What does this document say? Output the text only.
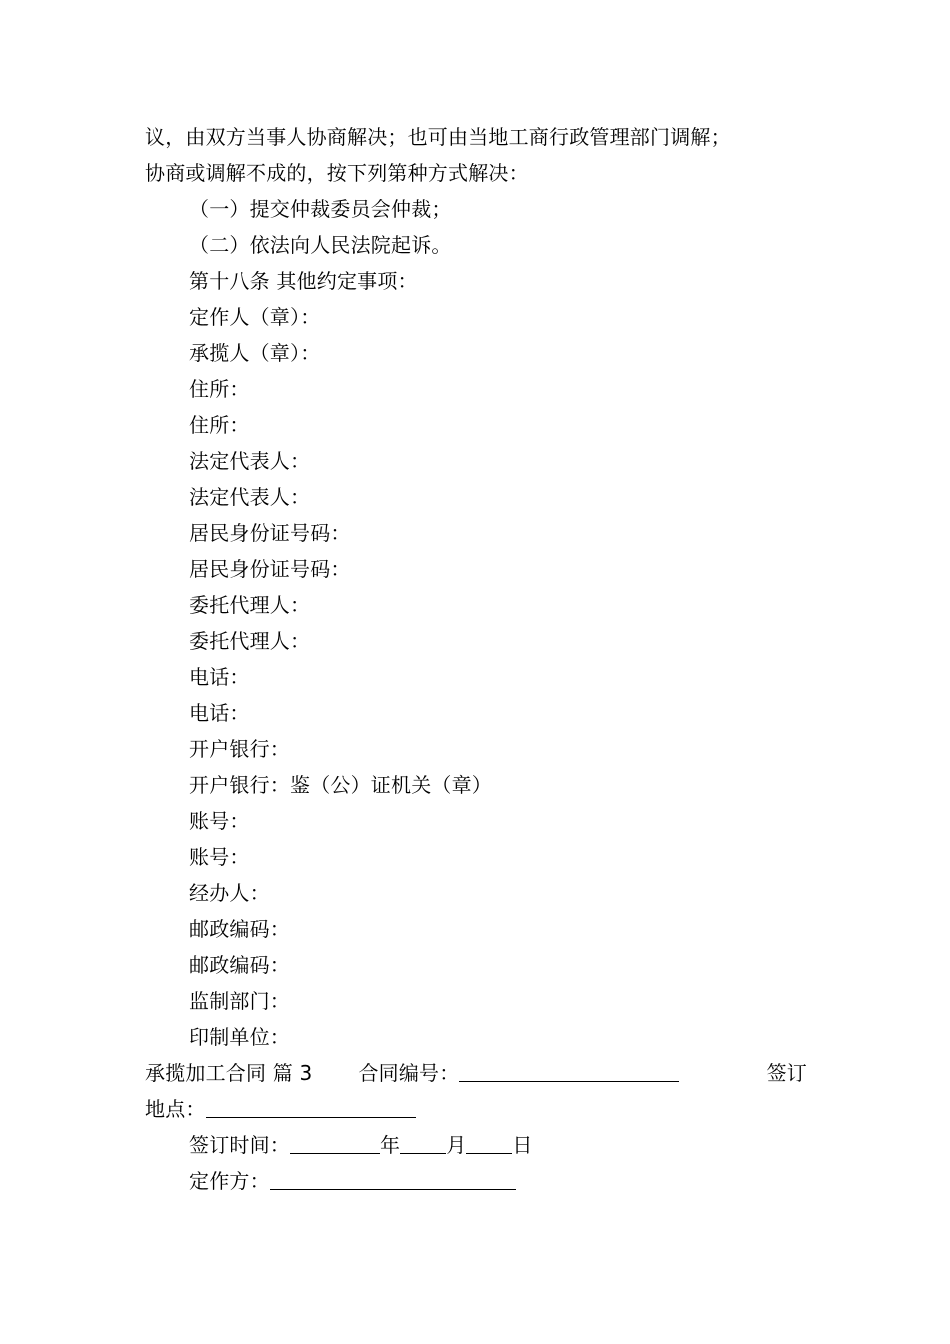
议，由双方当事人协商解决；也可由当地工商行政管理部门调解；
协商或调解不成的，按下列第种方式解决：
（一）提交仲裁委员会仲裁；
（二）依法向人民法院起诉。
第十八条 其他约定事项：
定作人（章）：
承揽人（章）：
住所：
住所：
法定代表人：
法定代表人：
居民身份证号码：
居民身份证号码：
委托代理人：
委托代理人：
电话：
电话：
开户银行：
开户银行：鉴（公）证机关（章）
账号：
账号：
经办人：
邮政编码：
邮政编码：
监制部门：
印制单位：
承揽加工合同 篇 3 合同编号：	签订
地点：
签订时间：	年 月 日
定作方：
